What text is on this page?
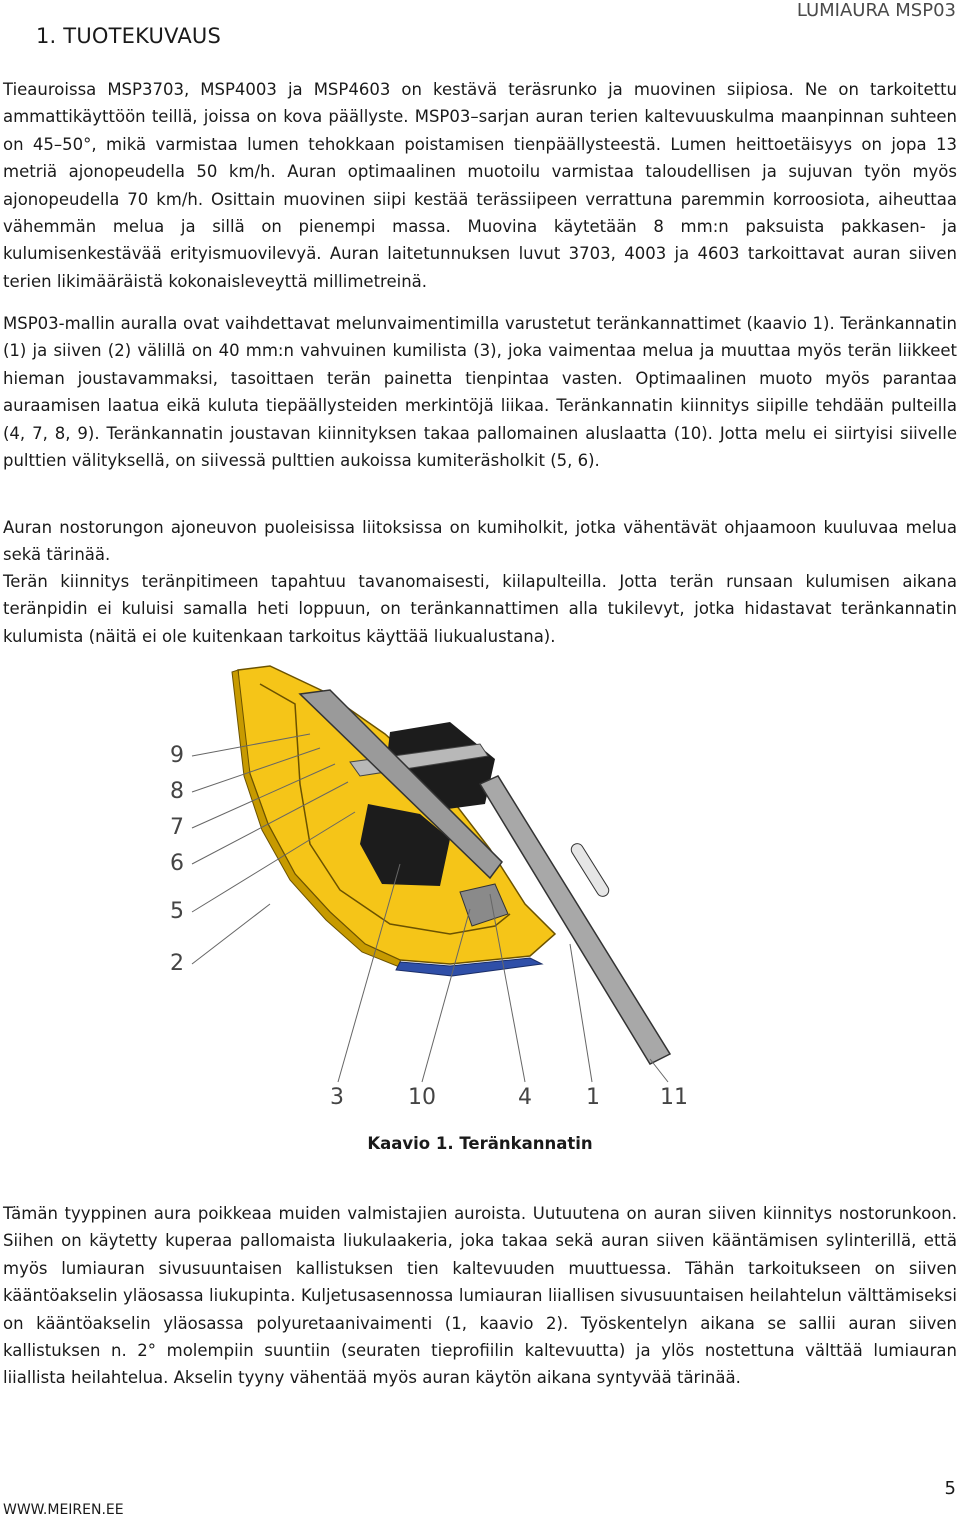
1. TUOTEKUVAUS
LUMIAURA MSP03

Tieauroissa MSP3703, MSP4003 ja MSP4603 on kestävä teräsrunko ja muovinen siipiosa. Ne on tarkoitettu ammattikäyttöön teillä, joissa on kova päällyste. MSP03–sarjan auran terien kaltevuuskulma maanpinnan suhteen on 45–50°, mikä varmistaa lumen tehokkaan poistamisen tienpäällysteestä. Lumen heittoetäisyys on jopa 13 metriä ajonopeudella 50 km/h. Auran optimaalinen muotoilu varmistaa taloudellisen ja sujuvan työn myös ajonopeudella 70 km/h. Osittain muovinen siipi kestää terässiipeen verrattuna paremmin korroosiota, aiheuttaa vähemmän melua ja sillä on pienempi massa. Muovina käytetään 8 mm:n paksuista pakkasen- ja kulumisenkestävää erityismuovilevyä. Auran laitetunnuksen luvut 3703, 4003 ja 4603 tarkoittavat auran siiven terien likimääräistä kokonaisleveyttä millimetreinä.

MSP03-mallin auralla ovat vaihdettavat melunvaimentimilla varustetut teränkannattimet (kaavio 1). Teränkannatin (1) ja siiven (2) välillä on 40 mm:n vahvuinen kumilista (3), joka vaimentaa melua ja muuttaa myös terän liikkeet hieman joustavammaksi, tasoittaen terän painetta tienpintaa vasten. Optimaalinen muoto myös parantaa auraamisen laatua eikä kuluta tiepäällysteiden merkintöjä liikaa. Teränkannatin kiinnitys siipille tehdään pulteilla (4, 7, 8, 9). Teränkannatin joustavan kiinnityksen takaa pallomainen aluslaatta (10). Jotta melu ei siirtyisi siivelle pulttien välityksellä, on siivessä pulttien aukoissa kumiteräsholkit (5, 6).

Auran nostorungon ajoneuvon puoleisissa liitoksissa on kumiholkit, jotka vähentävät ohjaamoon kuuluvaa melua sekä tärinää.

Terän kiinnitys teränpitimeen tapahtuu tavanomaisesti, kiilapulteilla. Jotta terän runsaan kulumisen aikana teränpidin ei kuluisi samalla heti loppuun, on teränkannattimen alla tukilevyt, jotka hidastavat teränkannatin kulumista (näitä ei ole kuitenkaan tarkoitus käyttää liukualustana).

9
8
7
6
5
2
3	10	4 1	11
Kaavio 1. Teränkannatin

Tämän tyyppinen aura poikkeaa muiden valmistajien auroista. Uutuutena on auran siiven kiinnitys nostorunkoon. Siihen on käytetty kuperaa pallomaista liukulaakeria, joka takaa sekä auran siiven kääntämisen sylinterillä, että myös lumiauran sivusuuntaisen kallistuksen tien kaltevuuden muuttuessa. Tähän tarkoitukseen on siiven kääntöakselin yläosassa liukupinta. Kuljetusasennossa lumiauran liiallisen sivusuuntaisen heilahtelun välttämiseksi on kääntöakselin yläosassa polyuretaanivaimenti (1, kaavio 2). Työskentelyn aikana se sallii auran siiven kallistuksen n. 2° molempiin suuntiin (seuraten tieprofiilin kaltevuutta) ja ylös nostettuna välttää lumiauran liiallista heilahtelua. Akselin tyyny vähentää myös auran käytön aikana syntyvää tärinää.

WWW.MEIREN.EE
5
